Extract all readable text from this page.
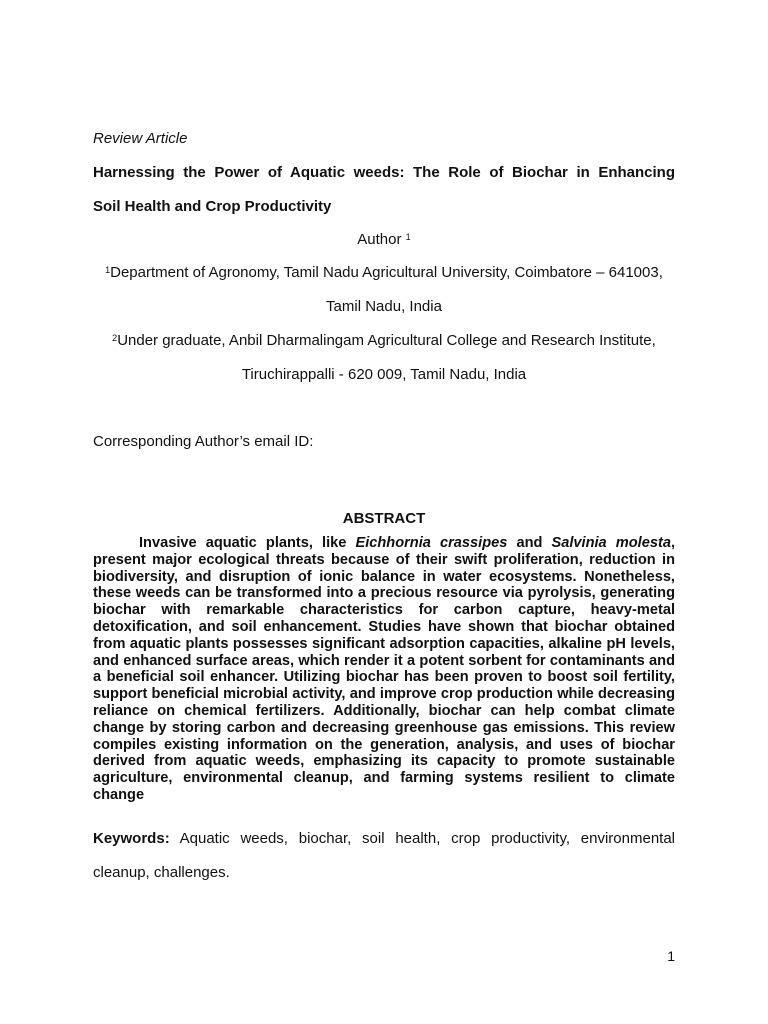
Review Article

Harnessing the Power of Aquatic weeds: The Role of Biochar in Enhancing

Soil Health and Crop Productivity

Author $^1$

$^1$Department of Agronomy, Tamil Nadu Agricultural University, Coimbatore – 641003,

Tamil Nadu, India

$^2$Under graduate, Anbil Dharmalingam Agricultural College and Research Institute,

Tiruchirappalli - 620 009, Tamil Nadu, India

Corresponding Author’s email ID:

ABSTRACT

Invasive aquatic plants, like Eichhornia crassipes and Salvinia molesta, present major ecological threats because of their swift proliferation, reduction in biodiversity, and disruption of ionic balance in water ecosystems. Nonetheless, these weeds can be transformed into a precious resource via pyrolysis, generating biochar with remarkable characteristics for carbon capture, heavy-metal detoxification, and soil enhancement. Studies have shown that biochar obtained from aquatic plants possesses significant adsorption capacities, alkaline pH levels, and enhanced surface areas, which render it a potent sorbent for contaminants and a beneficial soil enhancer. Utilizing biochar has been proven to boost soil fertility, support beneficial microbial activity, and improve crop production while decreasing reliance on chemical fertilizers. Additionally, biochar can help combat climate change by storing carbon and decreasing greenhouse gas emissions. This review compiles existing information on the generation, analysis, and uses of biochar derived from aquatic weeds, emphasizing its capacity to promote sustainable agriculture, environmental cleanup, and farming systems resilient to climate change

Keywords: Aquatic weeds, biochar, soil health, crop productivity, environmental

cleanup, challenges.

1
